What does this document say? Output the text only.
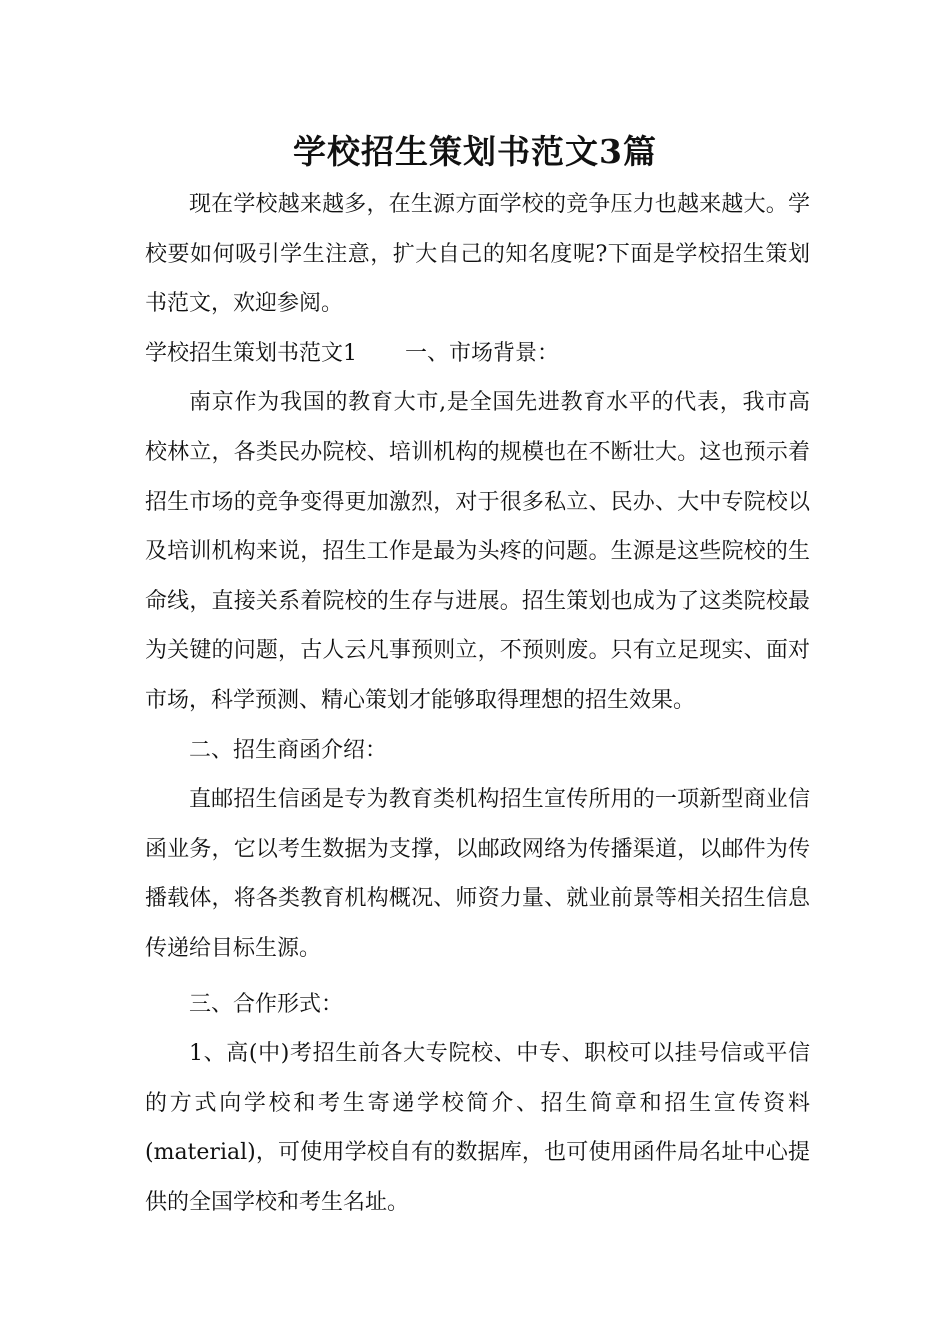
学校招生策划书范文3篇

现在学校越来越多，在生源方面学校的竞争压力也越来越大。学校要如何吸引学生注意，扩大自己的知名度呢?下面是学校招生策划书范文，欢迎参阅。

学校招生策划书范文1 一、市场背景：

南京作为我国的教育大市,是全国先进教育水平的代表，我市高校林立，各类民办院校、培训机构的规模也在不断壮大。这也预示着招生市场的竞争变得更加激烈，对于很多私立、民办、大中专院校以及培训机构来说，招生工作是最为头疼的问题。生源是这些院校的生命线，直接关系着院校的生存与进展。招生策划也成为了这类院校最为关键的问题，古人云凡事预则立，不预则废。只有立足现实、面对市场，科学预测、精心策划才能够取得理想的招生效果。

二、招生商函介绍：

直邮招生信函是专为教育类机构招生宣传所用的一项新型商业信函业务，它以考生数据为支撑，以邮政网络为传播渠道，以邮件为传播载体，将各类教育机构概况、师资力量、就业前景等相关招生信息传递给目标生源。

三、合作形式：

1、高(中)考招生前各大专院校、中专、职校可以挂号信或平信的方式向学校和考生寄递学校简介、招生简章和招生宣传资料(material)，可使用学校自有的数据库，也可使用函件局名址中心提供的全国学校和考生名址。
